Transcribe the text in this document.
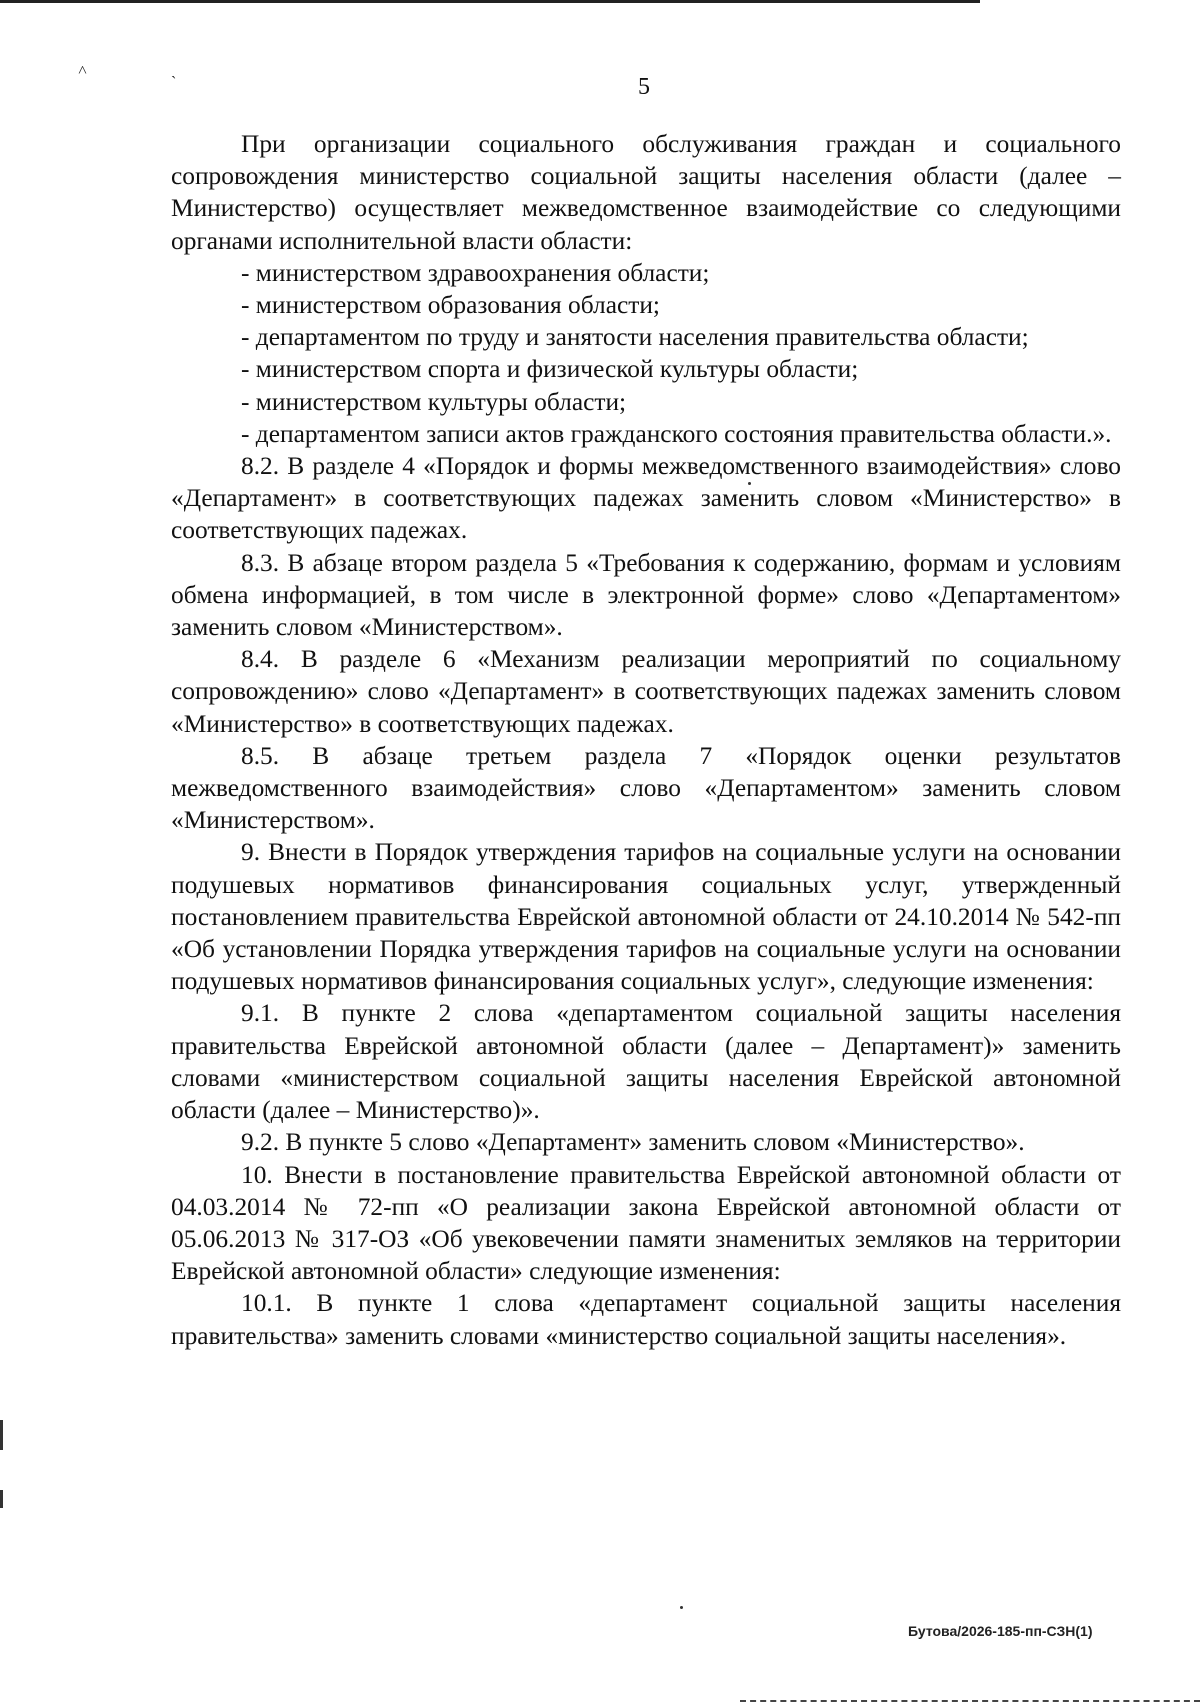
˄ ˏ
5

При организации социального обслуживания граждан и социального сопровождения министерство социальной защиты населения области (далее – Министерство) осуществляет межведомственное взаимодействие со следующими органами исполнительной власти области:

- министерством здравоохранения области;

- министерством образования области;

- департаментом по труду и занятости населения правительства области;

- министерством спорта и физической культуры области;

- министерством культуры области;

- департаментом записи актов гражданского состояния правительства области.».

8.2. В разделе 4 «Порядок и формы межведомственного взаимодействия» слово «Департамент» в соответствующих падежах заменить словом «Министерство» в соответствующих падежах.

8.3. В абзаце втором раздела 5 «Требования к содержанию, формам и условиям обмена информацией, в том числе в электронной форме» слово «Департаментом» заменить словом «Министерством».

8.4. В разделе 6 «Механизм реализации мероприятий по социальному сопровождению» слово «Департамент» в соответствующих падежах заменить словом «Министерство» в соответствующих падежах.

8.5. В абзаце третьем раздела 7 «Порядок оценки результатов межведомственного взаимодействия» слово «Департаментом» заменить словом «Министерством».

9. Внести в Порядок утверждения тарифов на социальные услуги на основании подушевых нормативов финансирования социальных услуг, утвержденный постановлением правительства Еврейской автономной области от 24.10.2014 № 542-пп «Об установлении Порядка утверждения тарифов на социальные услуги на основании подушевых нормативов финансирования социальных услуг», следующие изменения:

9.1. В пункте 2 слова «департаментом социальной защиты населения правительства Еврейской автономной области (далее – Департамент)» заменить словами «министерством социальной защиты населения Еврейской автономной области (далее – Министерство)».

9.2. В пункте 5 слово «Департамент» заменить словом «Министерство».

10. Внести в постановление правительства Еврейской автономной области от 04.03.2014 № 72-пп «О реализации закона Еврейской автономной области от 05.06.2013 № 317-ОЗ «Об увековечении памяти знаменитых земляков на территории Еврейской автономной области» следующие изменения:

10.1. В пункте 1 слова «департамент социальной защиты населения правительства» заменить словами «министерство социальной защиты населения».

Бутова/2026-185-пп-СЗН(1)
